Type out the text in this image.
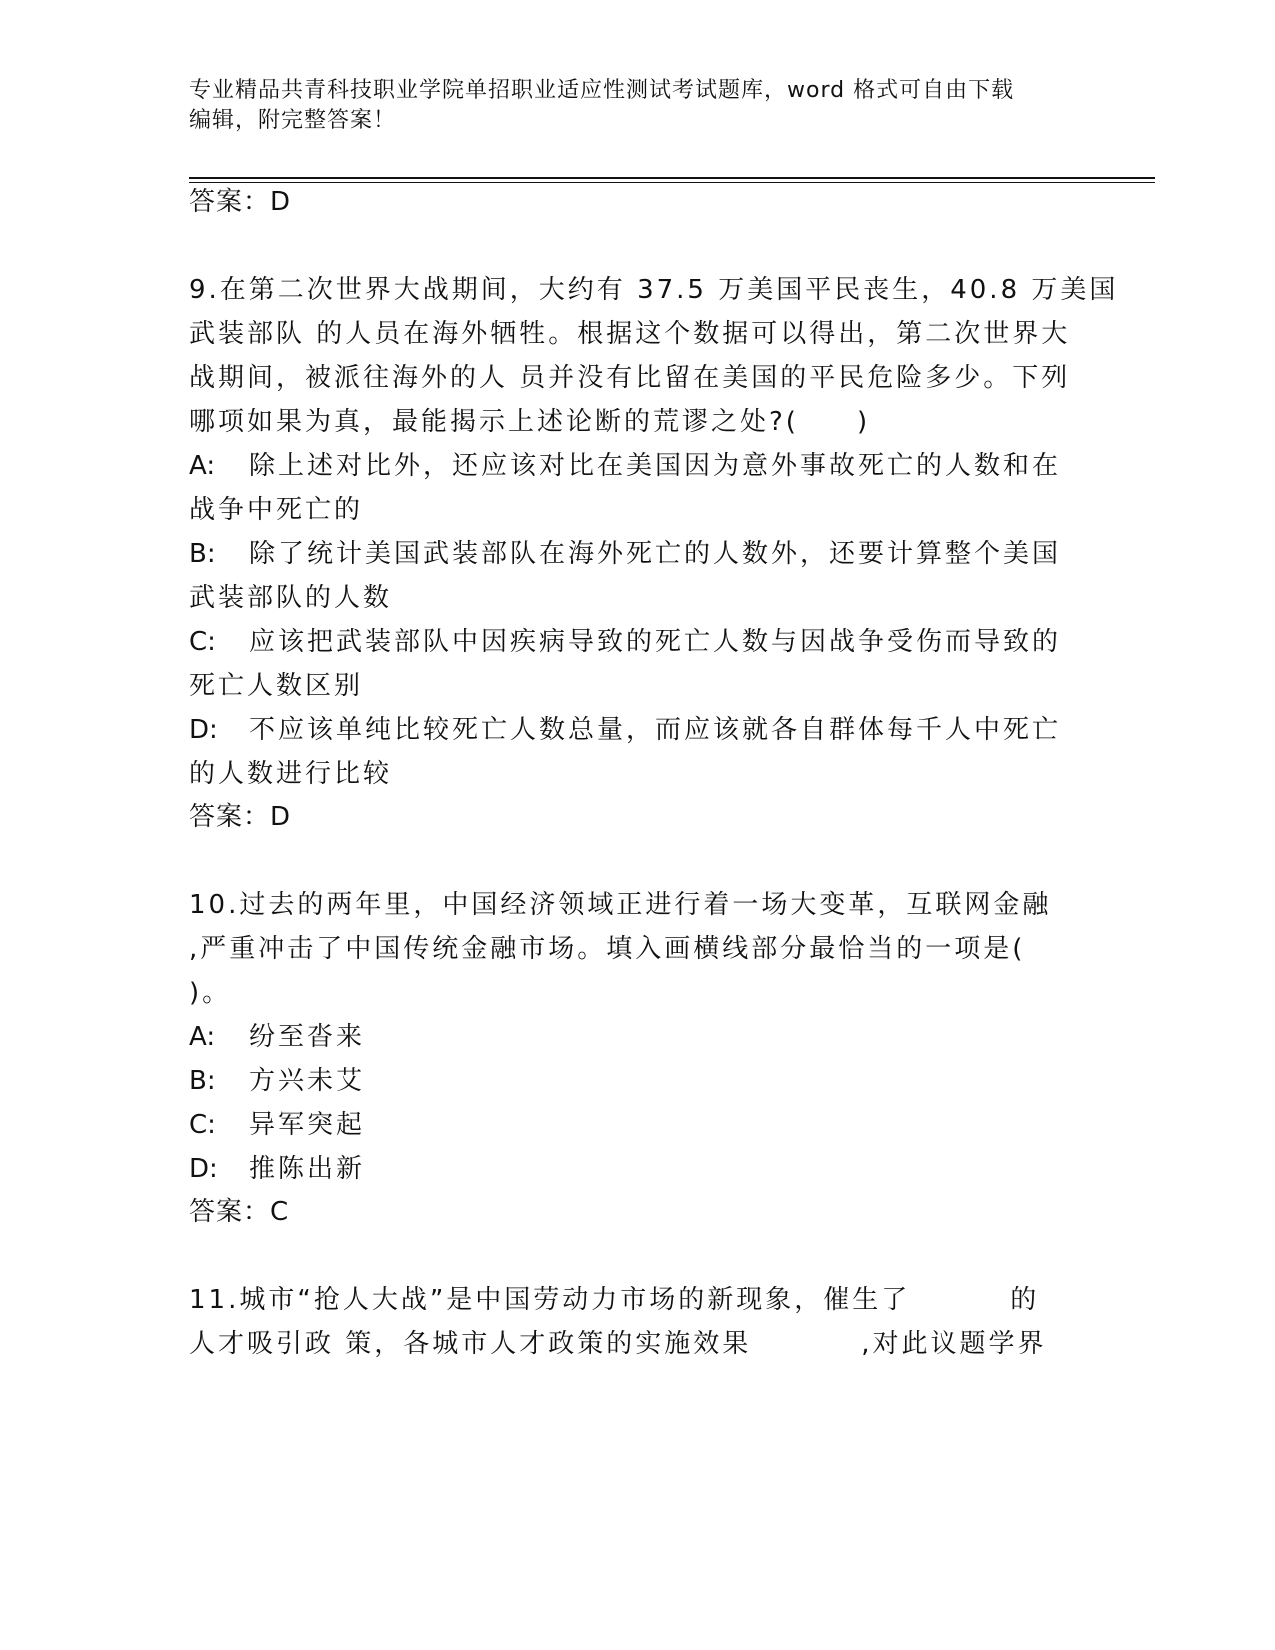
专业精品共青科技职业学院单招职业适应性测试考试题库，word 格式可自由下载
编辑，附完整答案！
答案：D
9.在第二次世界大战期间，大约有 37.5 万美国平民丧生，40.8 万美国
武装部队 的人员在海外牺牲。根据这个数据可以得出，第二次世界大
战期间，被派往海外的人 员并没有比留在美国的平民危险多少。下列
哪项如果为真，最能揭示上述论断的荒谬之处?(　　)
A: 除上述对比外，还应该对比在美国因为意外事故死亡的人数和在
战争中死亡的
B: 除了统计美国武装部队在海外死亡的人数外，还要计算整个美国
武装部队的人数
C: 应该把武装部队中因疾病导致的死亡人数与因战争受伤而导致的
死亡人数区别
D: 不应该单纯比较死亡人数总量，而应该就各自群体每千人中死亡
的人数进行比较
答案：D
10.过去的两年里，中国经济领域正进行着一场大变革，互联网金融
,严重冲击了中国传统金融市场。填入画横线部分最恰当的一项是(
)。
A: 纷至沓来
B: 方兴未艾
C: 异军突起
D: 推陈出新
答案：C
11.城市“抢人大战”是中国劳动力市场的新现象，催生了	的
人才吸引政 策，各城市人才政策的实施效果	,对此议题学界
